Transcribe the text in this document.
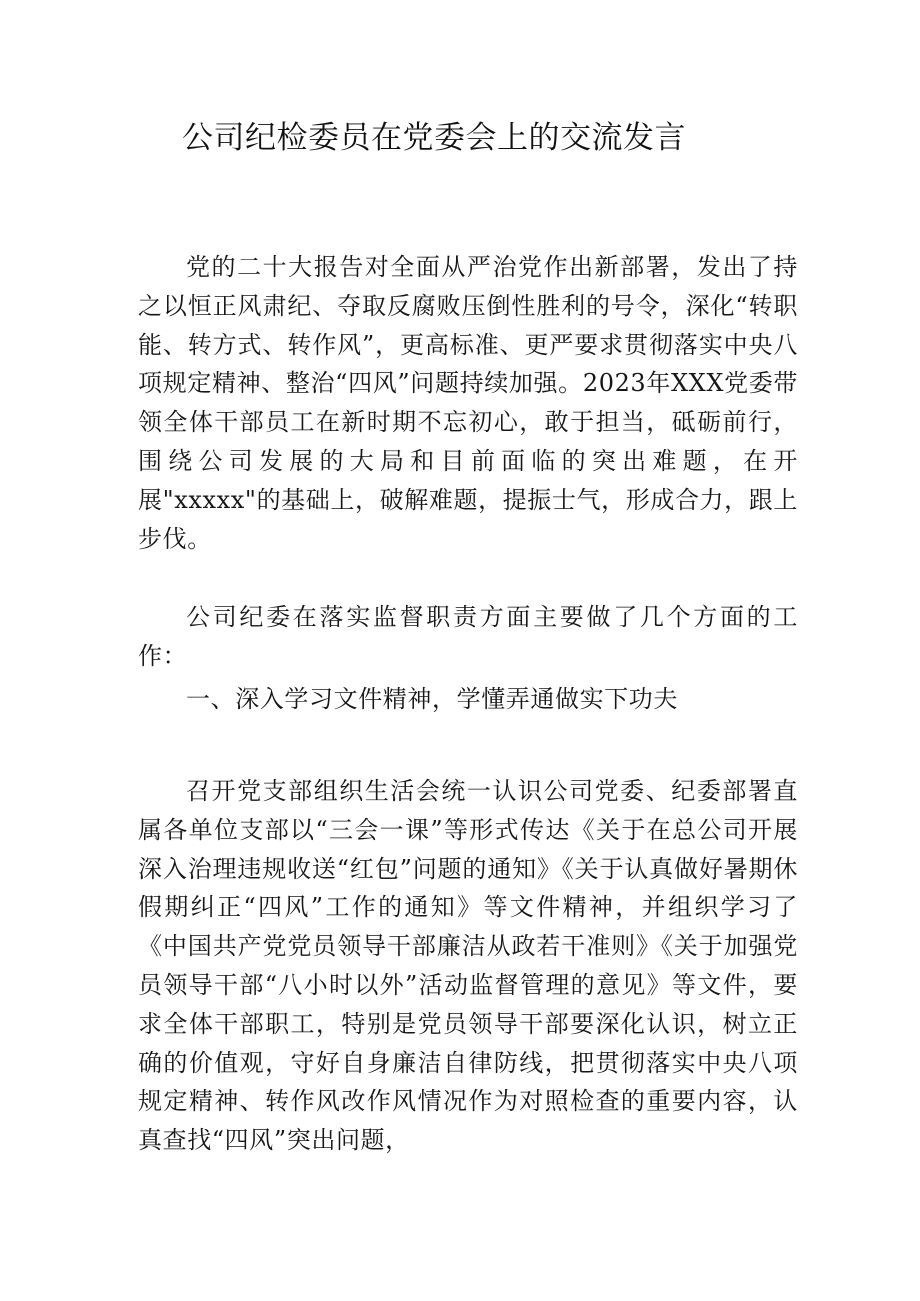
公司纪检委员在党委会上的交流发言

党的二十大报告对全面从严治党作出新部署，发出了持之以恒正风肃纪、夺取反腐败压倒性胜利的号令，深化“转职能、转方式、转作风”，更高标准、更严要求贯彻落实中央八项规定精神、整治“四风”问题持续加强。2023年XXX党委带领全体干部员工在新时期不忘初心，敢于担当，砥砺前行，围绕公司发展的大局和目前面临的突出难题，在开展"xxxxx"的基础上，破解难题，提振士气，形成合力，跟上步伐。

公司纪委在落实监督职责方面主要做了几个方面的工作：

一、深入学习文件精神，学懂弄通做实下功夫

召开党支部组织生活会统一认识公司党委、纪委部署直属各单位支部以“三会一课”等形式传达《关于在总公司开展深入治理违规收送“红包”问题的通知》《关于认真做好暑期休假期纠正“四风”工作的通知》等文件精神，并组织学习了《中国共产党党员领导干部廉洁从政若干准则》《关于加强党员领导干部“八小时以外”活动监督管理的意见》等文件，要求全体干部职工，特别是党员领导干部要深化认识，树立正确的价值观，守好自身廉洁自律防线，把贯彻落实中央八项规定精神、转作风改作风情况作为对照检查的重要内容，认真查找“四风”突出问题，
